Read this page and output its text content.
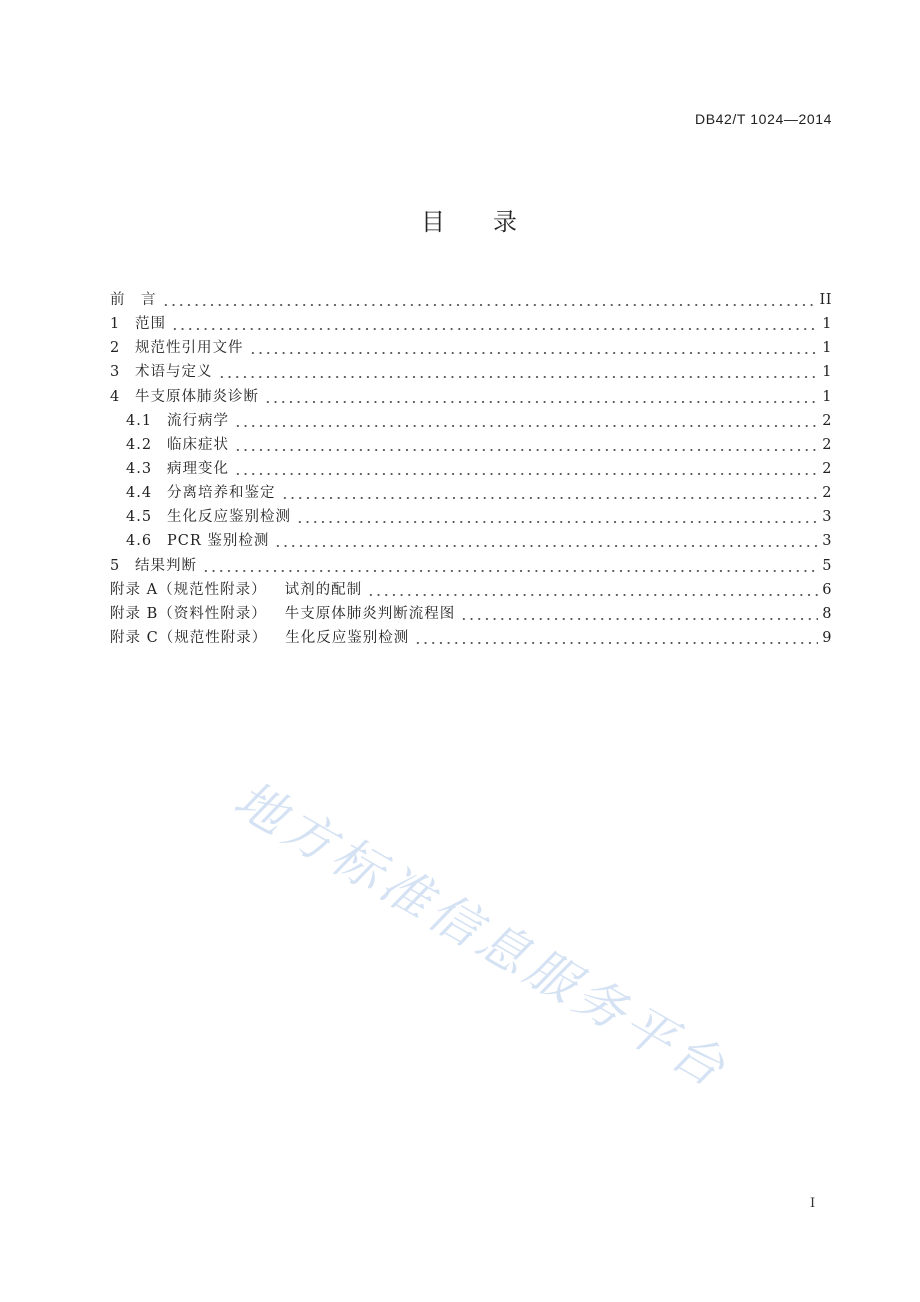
DB42/T 1024—2014
目　　录
前　言	II
1	范围	1
2	规范性引用文件	1
3	术语与定义	1
4	牛支原体肺炎诊断	1
4.1	流行病学	2
4.2	临床症状	2
4.3	病理变化	2
4.4	分离培养和鉴定	2
4.5	生化反应鉴别检测	3
4.6	PCR 鉴别检测	3
5	结果判断	5
附录 A（规范性附录） 试剂的配制	6
附录 B（资料性附录） 牛支原体肺炎判断流程图	8
附录 C（规范性附录） 生化反应鉴别检测	9
地方标准信息服务平台
I
